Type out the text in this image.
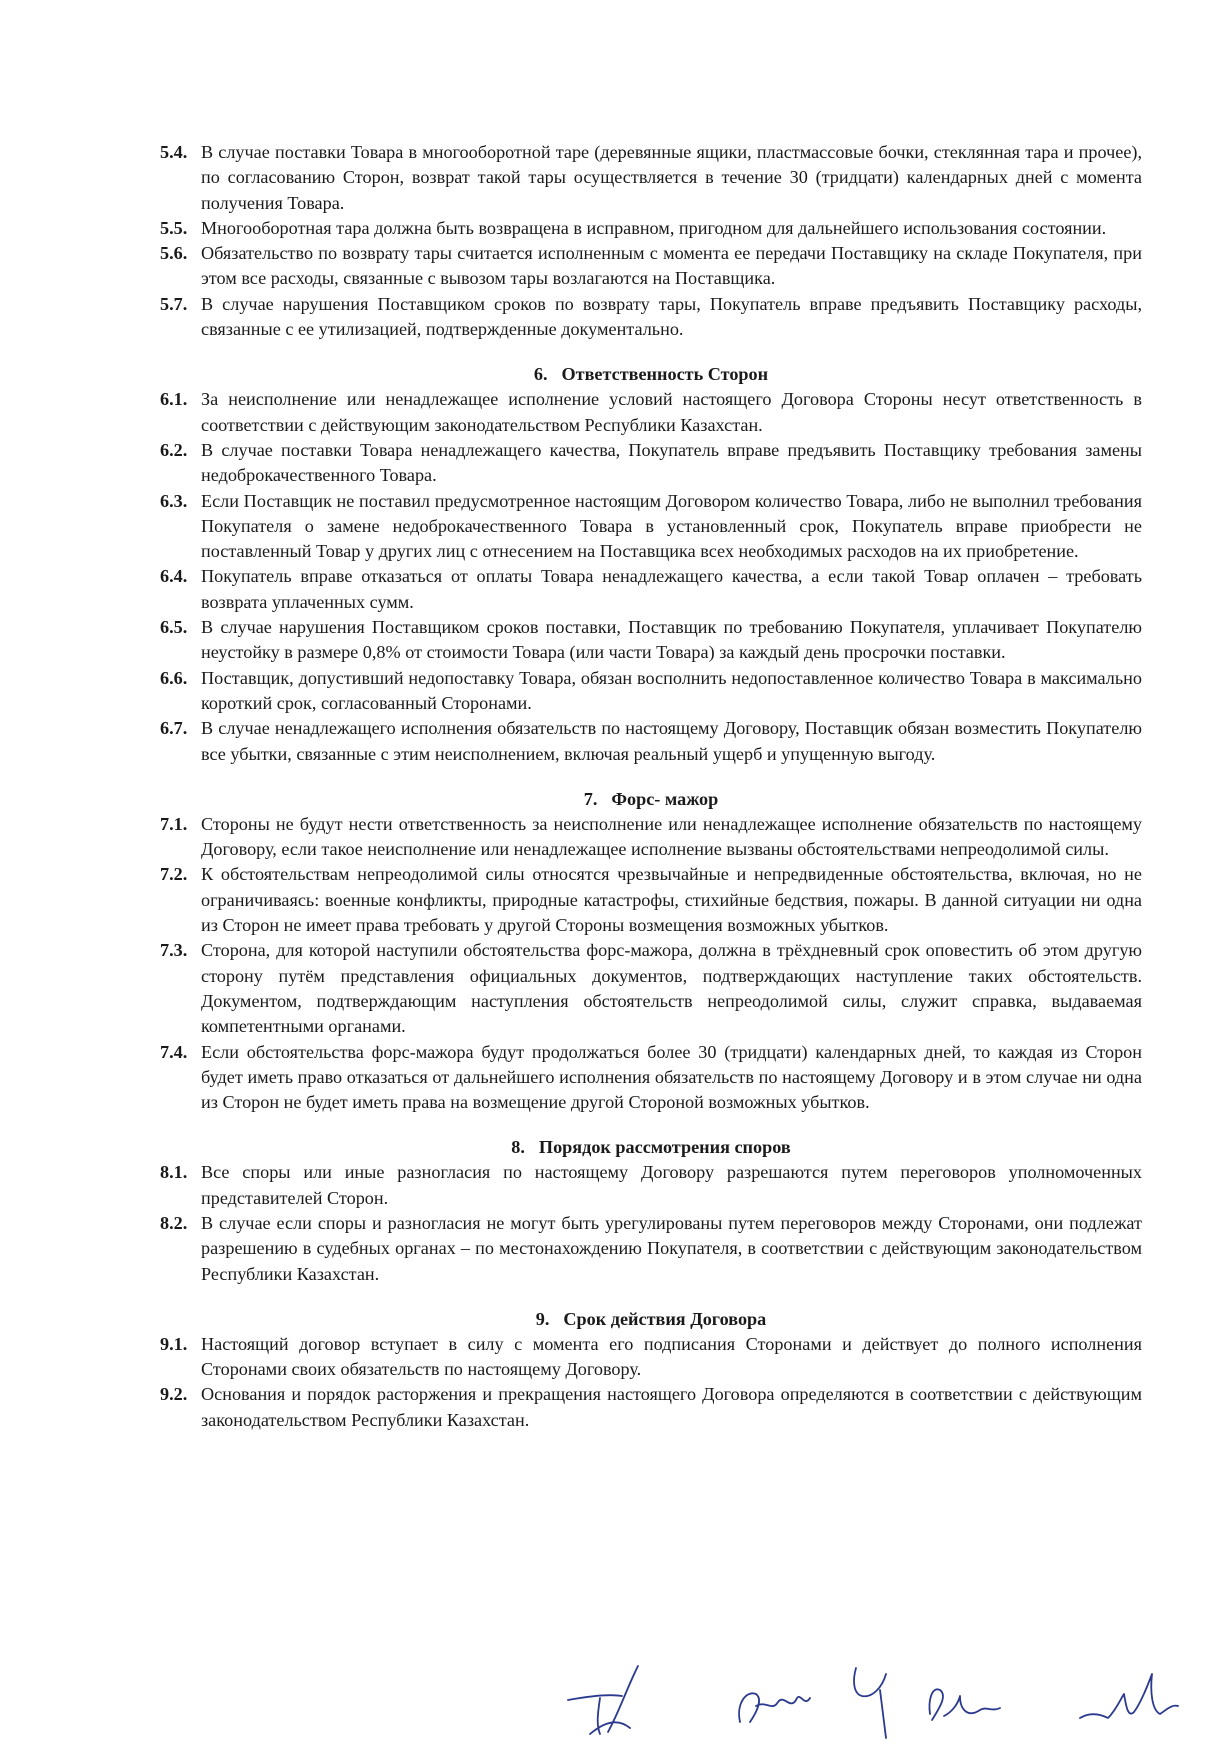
5.4. В случае поставки Товара в многооборотной таре (деревянные ящики, пластмассовые бочки, стеклянная тара и прочее), по согласованию Сторон, возврат такой тары осуществляется в течение 30 (тридцати) календарных дней с момента получения Товара.
5.5. Многооборотная тара должна быть возвращена в исправном, пригодном для дальнейшего использования состоянии.
5.6. Обязательство по возврату тары считается исполненным с момента ее передачи Поставщику на складе Покупателя, при этом все расходы, связанные с вывозом тары возлагаются на Поставщика.
5.7. В случае нарушения Поставщиком сроков по возврату тары, Покупатель вправе предъявить Поставщику расходы, связанные с ее утилизацией, подтвержденные документально.
6. Ответственность Сторон
6.1. За неисполнение или ненадлежащее исполнение условий настоящего Договора Стороны несут ответственность в соответствии с действующим законодательством Республики Казахстан.
6.2. В случае поставки Товара ненадлежащего качества, Покупатель вправе предъявить Поставщику требования замены недоброкачественного Товара.
6.3. Если Поставщик не поставил предусмотренное настоящим Договором количество Товара, либо не выполнил требования Покупателя о замене недоброкачественного Товара в установленный срок, Покупатель вправе приобрести не поставленный Товар у других лиц с отнесением на Поставщика всех необходимых расходов на их приобретение.
6.4. Покупатель вправе отказаться от оплаты Товара ненадлежащего качества, а если такой Товар оплачен – требовать возврата уплаченных сумм.
6.5. В случае нарушения Поставщиком сроков поставки, Поставщик по требованию Покупателя, уплачивает Покупателю неустойку в размере 0,8% от стоимости Товара (или части Товара) за каждый день просрочки поставки.
6.6. Поставщик, допустивший недопоставку Товара, обязан восполнить недопоставленное количество Товара в максимально короткий срок, согласованный Сторонами.
6.7. В случае ненадлежащего исполнения обязательств по настоящему Договору, Поставщик обязан возместить Покупателю все убытки, связанные с этим неисполнением, включая реальный ущерб и упущенную выгоду.
7. Форс- мажор
7.1. Стороны не будут нести ответственность за неисполнение или ненадлежащее исполнение обязательств по настоящему Договору, если такое неисполнение или ненадлежащее исполнение вызваны обстоятельствами непреодолимой силы.
7.2. К обстоятельствам непреодолимой силы относятся чрезвычайные и непредвиденные обстоятельства, включая, но не ограничиваясь: военные конфликты, природные катастрофы, стихийные бедствия, пожары. В данной ситуации ни одна из Сторон не имеет права требовать у другой Стороны возмещения возможных убытков.
7.3. Сторона, для которой наступили обстоятельства форс-мажора, должна в трёхдневный срок оповестить об этом другую сторону путём представления официальных документов, подтверждающих наступление таких обстоятельств. Документом, подтверждающим наступления обстоятельств непреодолимой силы, служит справка, выдаваемая компетентными органами.
7.4. Если обстоятельства форс-мажора будут продолжаться более 30 (тридцати) календарных дней, то каждая из Сторон будет иметь право отказаться от дальнейшего исполнения обязательств по настоящему Договору и в этом случае ни одна из Сторон не будет иметь права на возмещение другой Стороной возможных убытков.
8. Порядок рассмотрения споров
8.1. Все споры или иные разногласия по настоящему Договору разрешаются путем переговоров уполномоченных представителей Сторон.
8.2. В случае если споры и разногласия не могут быть урегулированы путем переговоров между Сторонами, они подлежат разрешению в судебных органах – по местонахождению Покупателя, в соответствии с действующим законодательством Республики Казахстан.
9. Срок действия Договора
9.1. Настоящий договор вступает в силу с момента его подписания Сторонами и действует до полного исполнения Сторонами своих обязательств по настоящему Договору.
9.2. Основания и порядок расторжения и прекращения настоящего Договора определяются в соответствии с действующим законодательством Республики Казахстан.
